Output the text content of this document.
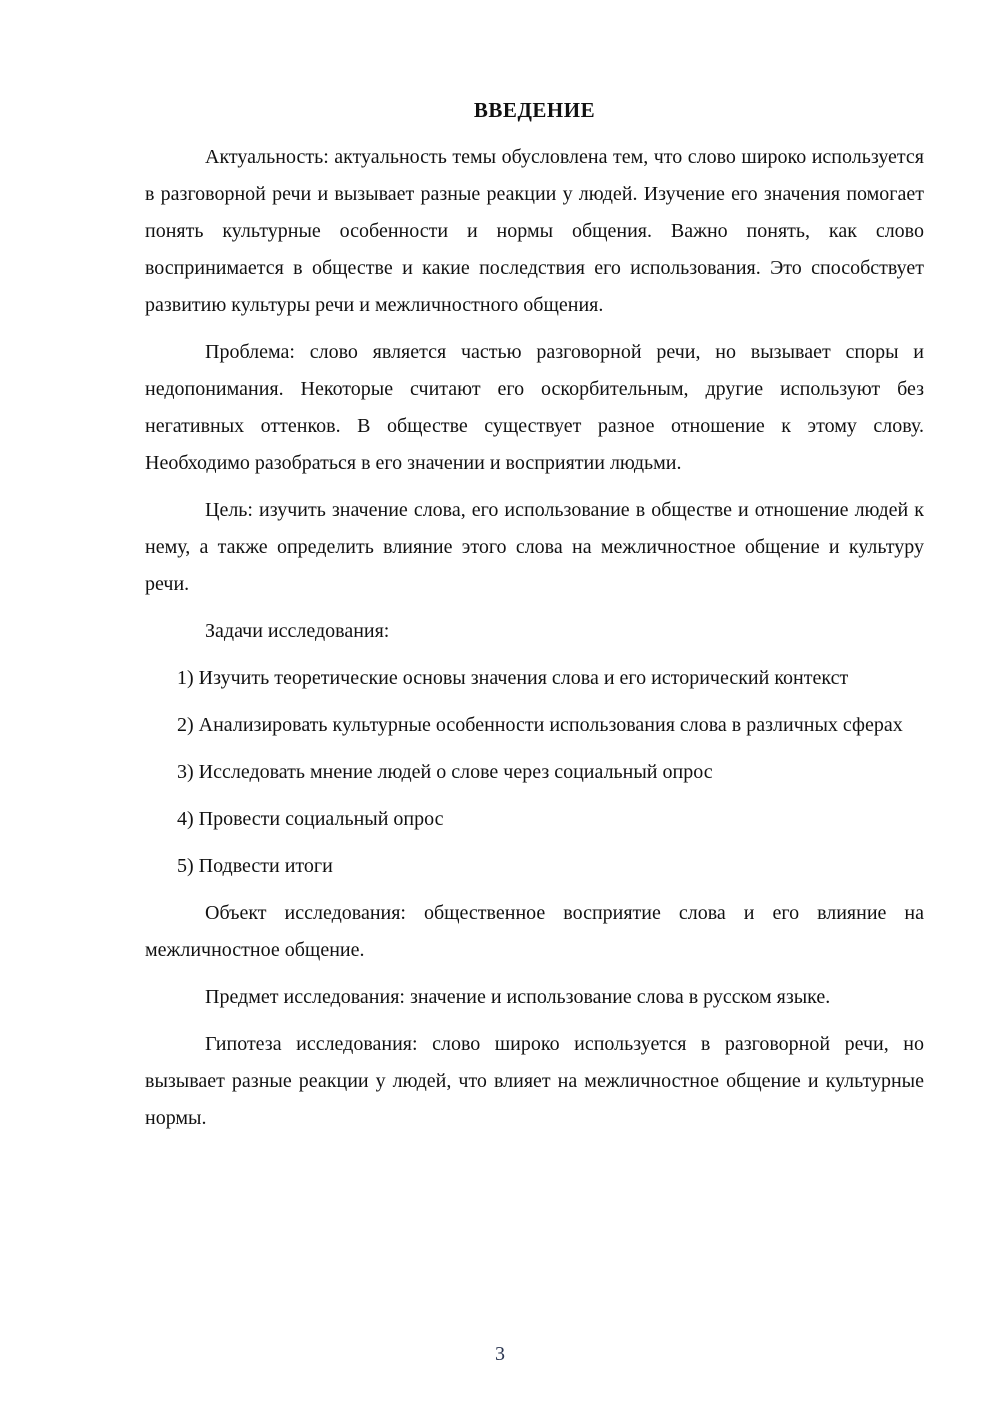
ВВЕДЕНИЕ

Актуальность: актуальность темы обусловлена тем, что слово широко используется в разговорной речи и вызывает разные реакции у людей. Изучение его значения помогает понять культурные особенности и нормы общения. Важно понять, как слово воспринимается в обществе и какие последствия его использования. Это способствует развитию культуры речи и межличностного общения.

Проблема: слово является частью разговорной речи, но вызывает споры и недопонимания. Некоторые считают его оскорбительным, другие используют без негативных оттенков. В обществе существует разное отношение к этому слову. Необходимо разобраться в его значении и восприятии людьми.

Цель: изучить значение слова, его использование в обществе и отношение людей к нему, а также определить влияние этого слова на межличностное общение и культуру речи.

Задачи исследования:

1) Изучить теоретические основы значения слова и его исторический контекст

2) Анализировать культурные особенности использования слова в различных сферах

3) Исследовать мнение людей о слове через социальный опрос

4) Провести социальный опрос

5) Подвести итоги

Объект исследования: общественное восприятие слова и его влияние на межличностное общение.

Предмет исследования: значение и использование слова в русском языке.

Гипотеза исследования: слово широко используется в разговорной речи, но вызывает разные реакции у людей, что влияет на межличностное общение и культурные нормы.

3
